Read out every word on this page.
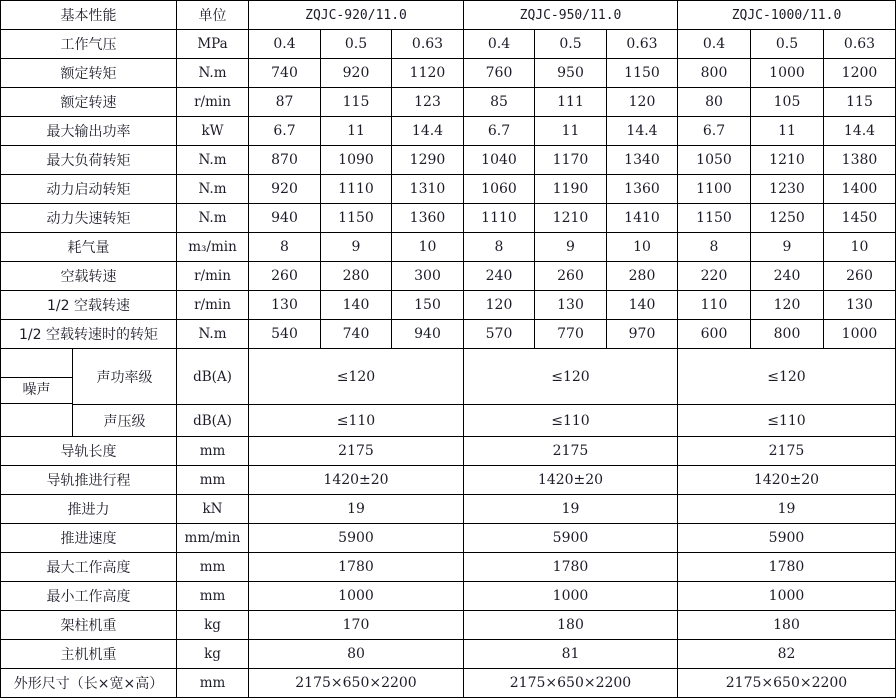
基本性能		单位	ZQJC-920/11.0			ZQJC-950/11.0			ZQJC-1000/11.0		
工作气压		MPa	0.4	0.5	0.63	0.4	0.5	0.63	0.4	0.5	0.63
额定转矩		N.m	740	920	1120	760	950	1150	800	1000	1200
额定转速		r/min	87	115	123	85	111	120	80	105	115
最大输出功率		kW	6.7	11	14.4	6.7	11	14.4	6.7	11	14.4
最大负荷转矩		N.m	870	1090	1290	1040	1170	1340	1050	1210	1380
动力启动转矩		N.m	920	1110	1310	1060	1190	1360	1100	1230	1400
动力失速转矩		N.m	940	1150	1360	1110	1210	1410	1150	1250	1450
耗气量		m₃/min	8	9	10	8	9	10	8	9	10
空载转速		r/min	260	280	300	240	260	280	220	240	260
1/2 空载转速		r/min	130	140	150	120	130	140	110	120	130
1/2 空载转速时的转矩		N.m	540	740	940	570	770	970	600	800	1000

噪声	声功率级	dB(A)	≤120			≤120			≤120		
	声压级	dB(A)	≤110			≤110			≤110		
导轨长度		mm	2175			2175			2175		
导轨推进行程		mm	1420±20			1420±20			1420±20		
推进力		kN	19			19			19		
推进速度		mm/min	5900			5900			5900		
最大工作高度		mm	1780			1780			1780		
最小工作高度		mm	1000			1000			1000		
架柱机重		kg	170			180			180		
主机机重		kg	80			81			82		
外形尺寸（长×宽×高）		mm	2175×650×2200			2175×650×2200			2175×650×2200		
